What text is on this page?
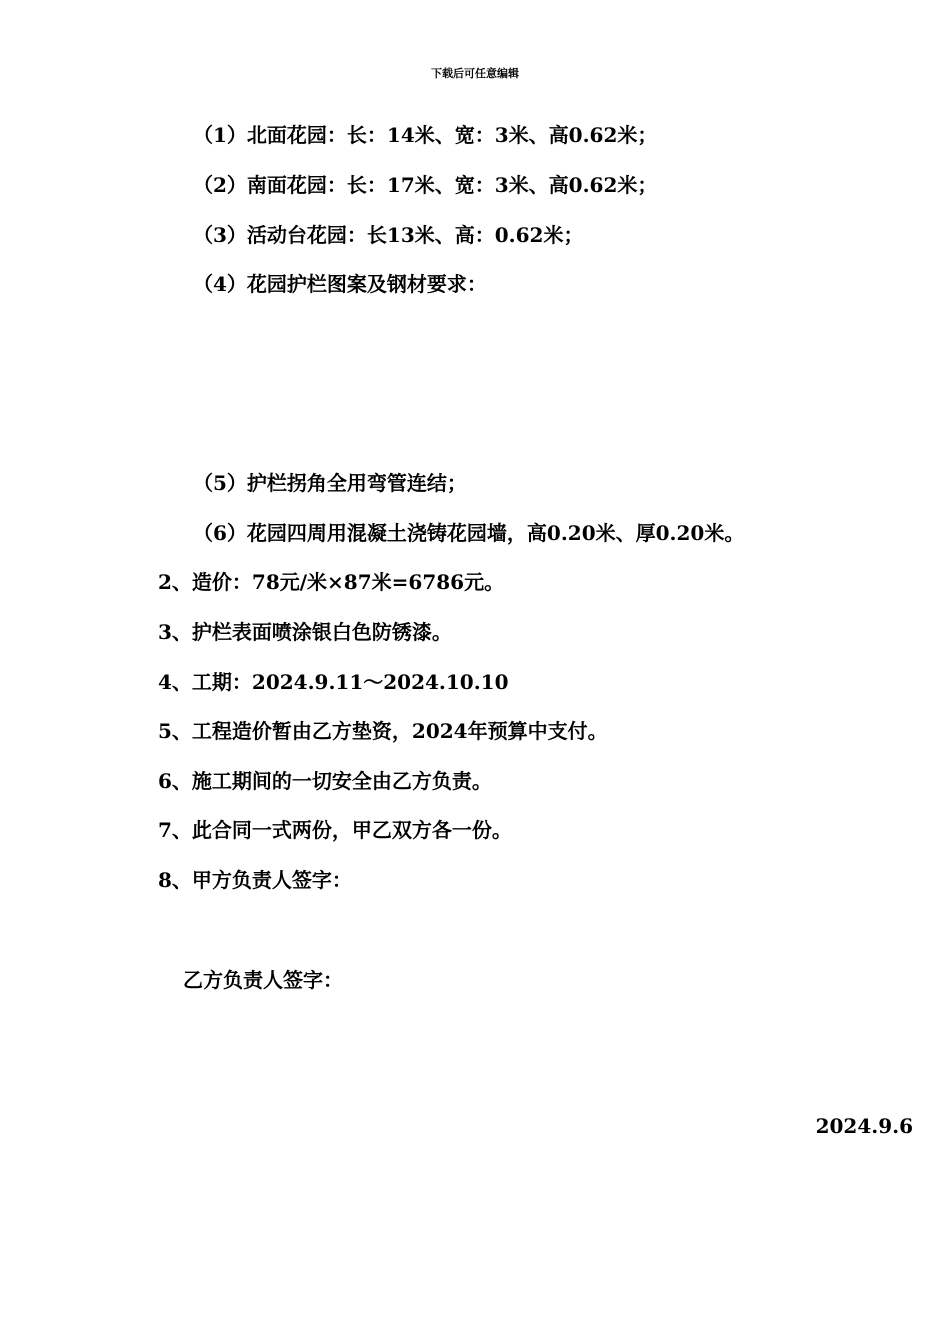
下载后可任意编辑
（1）北面花园：长：14米、宽：3米、高0.62米；
（2）南面花园：长：17米、宽：3米、高0.62米；
（3）活动台花园：长13米、高：0.62米；
（4）花园护栏图案及钢材要求：
（5）护栏拐角全用弯管连结；
（6）花园四周用混凝土浇铸花园墙，高0.20米、厚0.20米。
2、造价：78元/米×87米=6786元。
3、护栏表面喷涂银白色防锈漆。
4、工期：2024.9.11～2024.10.10
5、工程造价暂由乙方垫资，2024年预算中支付。
6、施工期间的一切安全由乙方负责。
7、此合同一式两份，甲乙双方各一份。
8、甲方负责人签字：
乙方负责人签字：
2024.9.6
